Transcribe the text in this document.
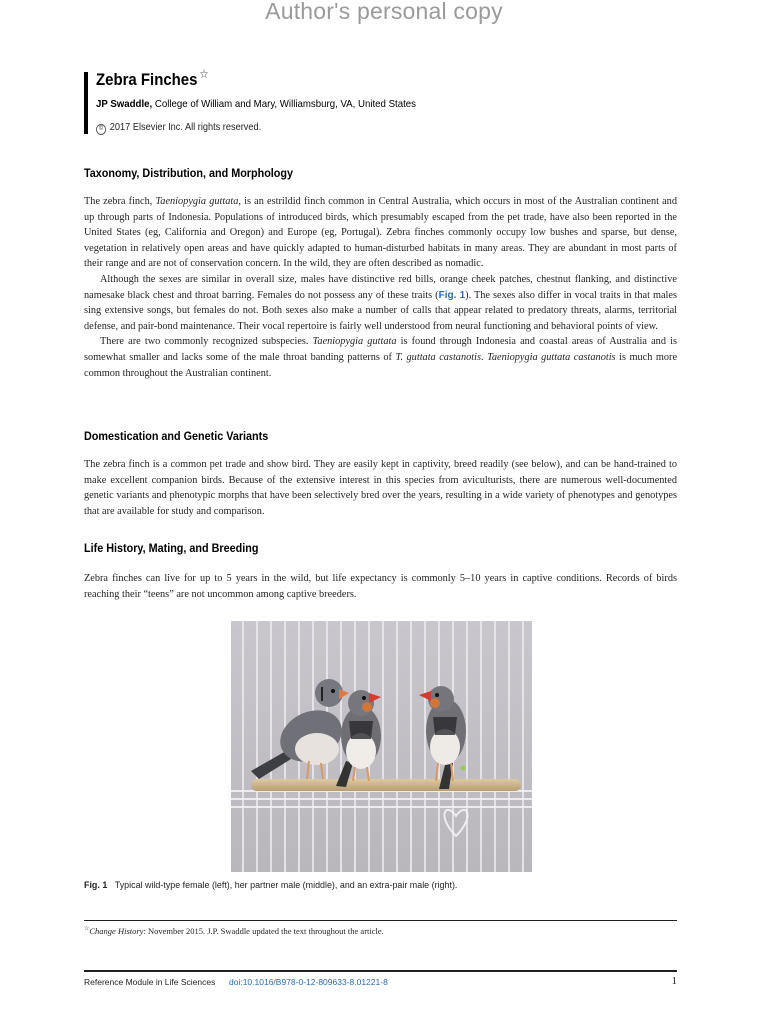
Author's personal copy
Zebra Finches ☆
JP Swaddle, College of William and Mary, Williamsburg, VA, United States
© 2017 Elsevier Inc. All rights reserved.
Taxonomy, Distribution, and Morphology

The zebra finch, Taeniopygia guttata, is an estrildid finch common in Central Australia, which occurs in most of the Australian continent and up through parts of Indonesia. Populations of introduced birds, which presumably escaped from the pet trade, have also been reported in the United States (eg, California and Oregon) and Europe (eg, Portugal). Zebra finches commonly occupy low bushes and sparse, but dense, vegetation in relatively open areas and have quickly adapted to human-disturbed habitats in many areas. They are abundant in most parts of their range and are not of conservation concern. In the wild, they are often described as nomadic.

Although the sexes are similar in overall size, males have distinctive red bills, orange cheek patches, chestnut flanking, and distinctive namesake black chest and throat barring. Females do not possess any of these traits (Fig. 1). The sexes also differ in vocal traits in that males sing extensive songs, but females do not. Both sexes also make a number of calls that appear related to predatory threats, alarms, territorial defense, and pair-bond maintenance. Their vocal repertoire is fairly well understood from neural functioning and behavioral points of view.

There are two commonly recognized subspecies. Taeniopygia guttata is found through Indonesia and coastal areas of Australia and is somewhat smaller and lacks some of the male throat banding patterns of T. guttata castanotis. Taeniopygia guttata castanotis is much more common throughout the Australian continent.

Domestication and Genetic Variants

The zebra finch is a common pet trade and show bird. They are easily kept in captivity, breed readily (see below), and can be hand-trained to make excellent companion birds. Because of the extensive interest in this species from aviculturists, there are numerous well-documented genetic variants and phenotypic morphs that have been selectively bred over the years, resulting in a wide variety of phenotypes and genotypes that are available for study and comparison.

Life History, Mating, and Breeding

Zebra finches can live for up to 5 years in the wild, but life expectancy is commonly 5–10 years in captive conditions. Records of birds reaching their “teens” are not uncommon among captive breeders.

Fig. 1 Typical wild-type female (left), her partner male (middle), and an extra-pair male (right).
☆Change History: November 2015. J.P. Swaddle updated the text throughout the article.
Reference Module in Life Sciences doi:10.1016/B978-0-12-809633-8.01221-8	1
